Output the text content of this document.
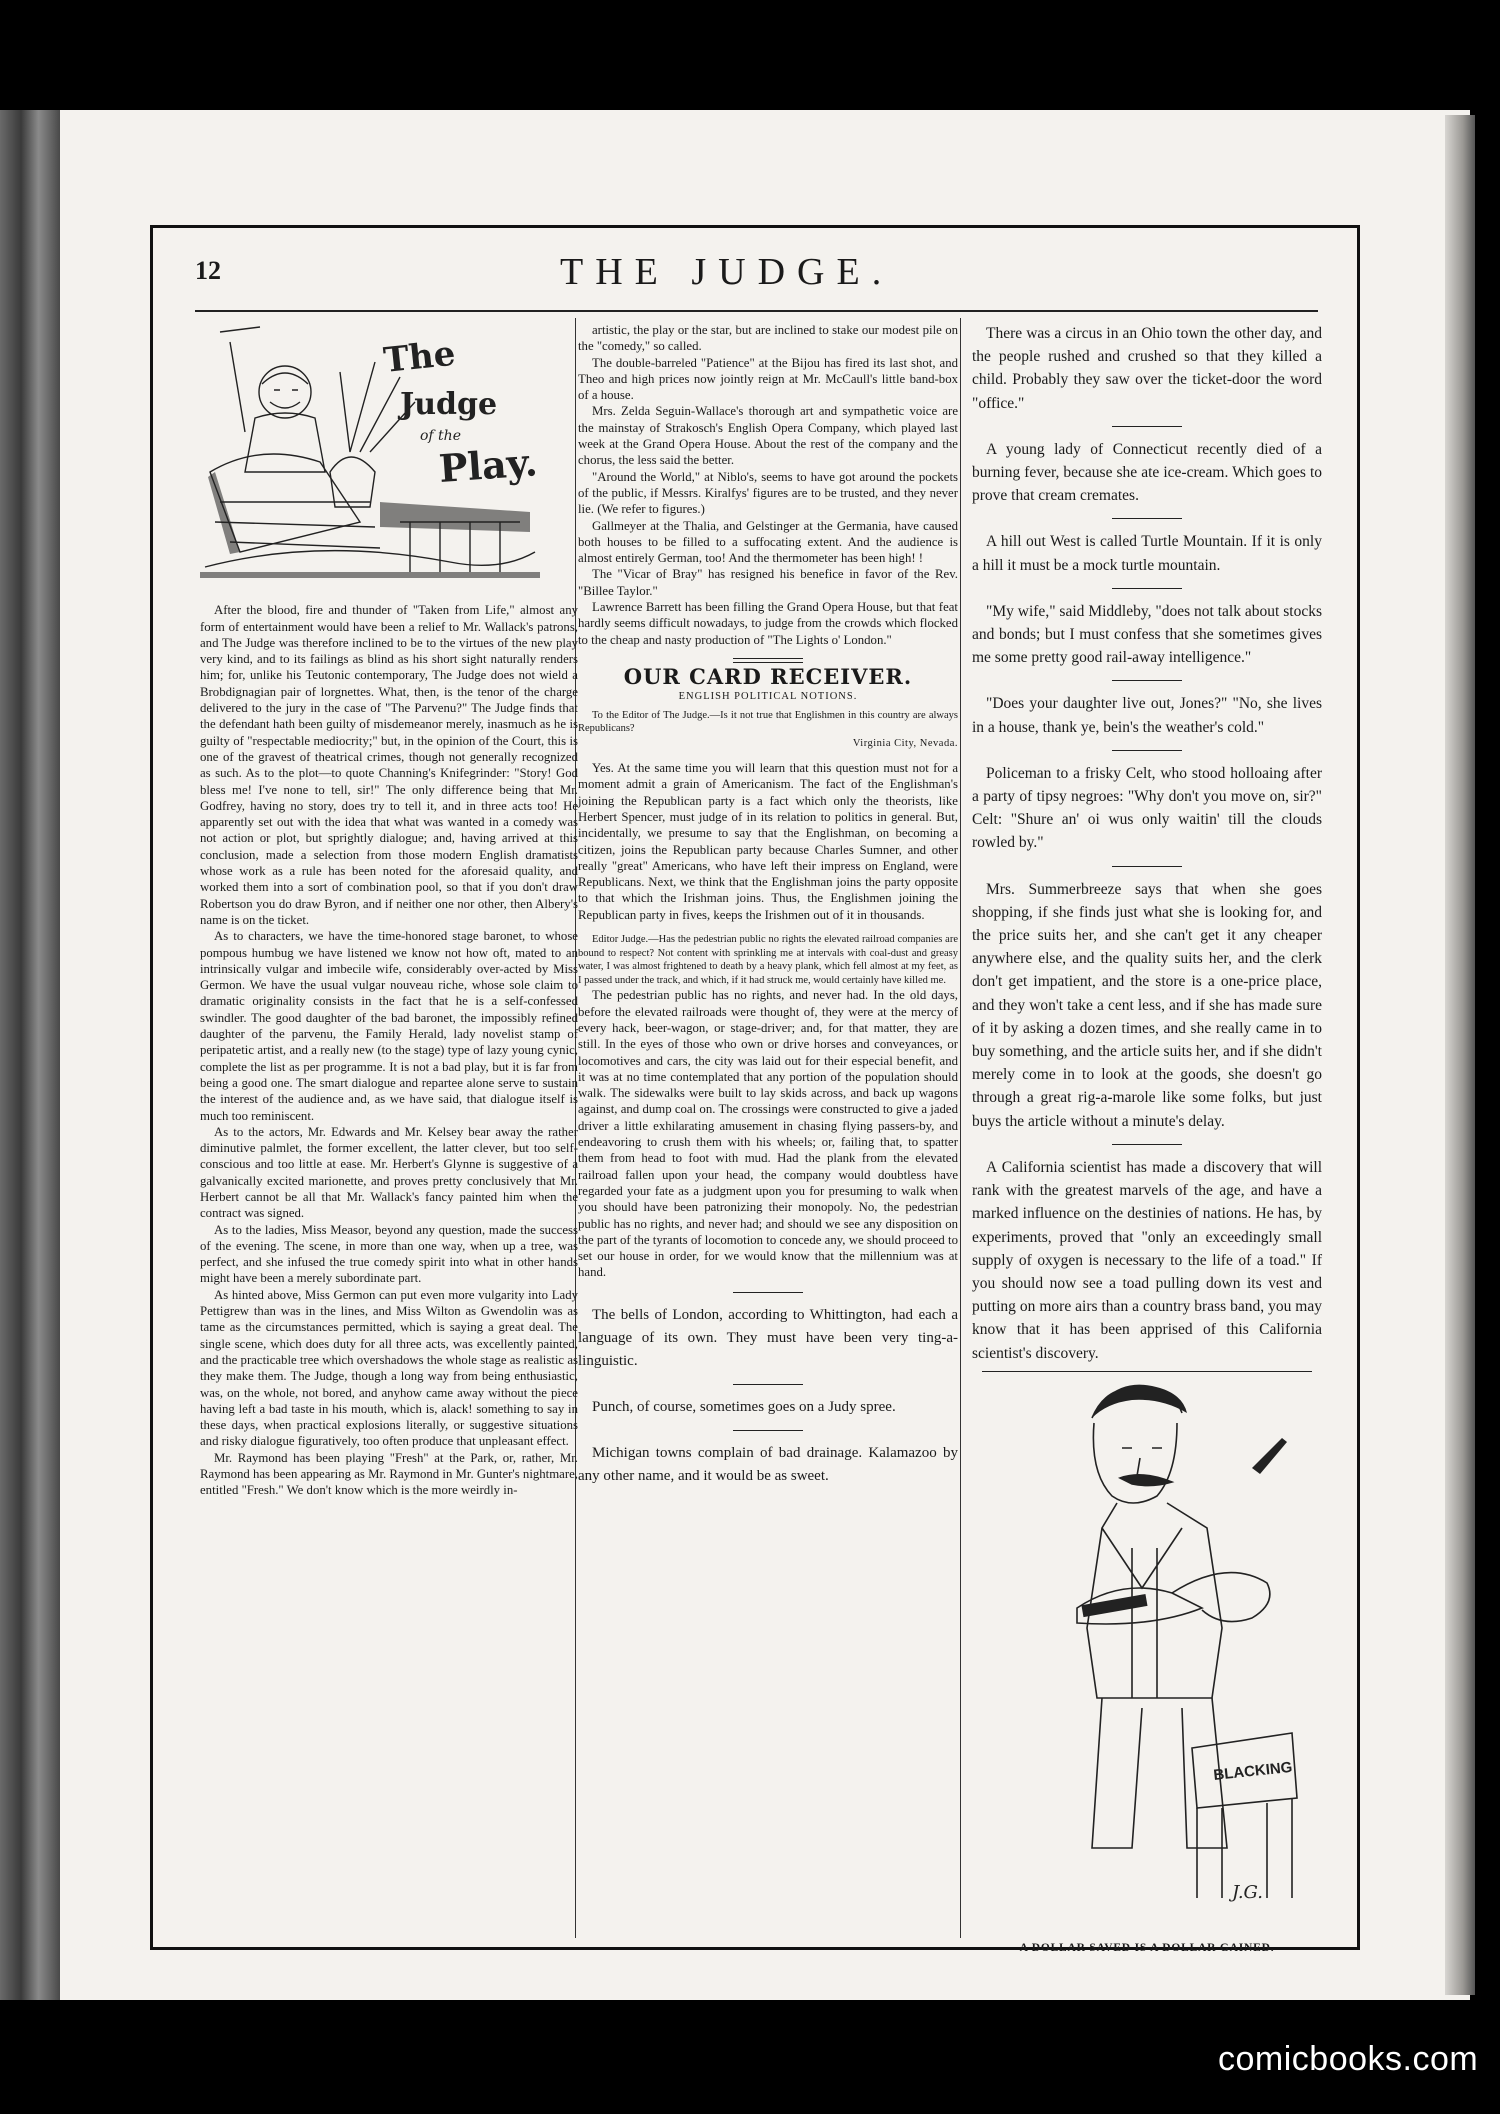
12	THE JUDGE.
The
Judge
of the
Play.

After the blood, fire and thunder of "Taken from Life," almost any form of entertainment would have been a relief to Mr. Wallack's patrons, and The Judge was therefore inclined to be to the virtues of the new play very kind, and to its failings as blind as his short sight naturally renders him; for, unlike his Teutonic contemporary, The Judge does not wield a Brobdignagian pair of lorgnettes. What, then, is the tenor of the charge delivered to the jury in the case of "The Parvenu?" The Judge finds that the defendant hath been guilty of misdemeanor merely, inasmuch as he is guilty of "respectable mediocrity;" but, in the opinion of the Court, this is one of the gravest of theatrical crimes, though not generally recognized as such. As to the plot—to quote Channing's Knifegrinder: "Story! God bless me! I've none to tell, sir!" The only difference being that Mr. Godfrey, having no story, does try to tell it, and in three acts too! He apparently set out with the idea that what was wanted in a comedy was not action or plot, but sprightly dialogue; and, having arrived at this conclusion, made a selection from those modern English dramatists whose work as a rule has been noted for the aforesaid quality, and worked them into a sort of combination pool, so that if you don't draw Robertson you do draw Byron, and if neither one nor other, then Albery's name is on the ticket.

As to characters, we have the time-honored stage baronet, to whose pompous humbug we have listened we know not how oft, mated to an intrinsically vulgar and imbecile wife, considerably over-acted by Miss Germon. We have the usual vulgar nouveau riche, whose sole claim to dramatic originality consists in the fact that he is a self-confessed swindler. The good daughter of the bad baronet, the impossibly refined daughter of the parvenu, the Family Herald, lady novelist stamp of peripatetic artist, and a really new (to the stage) type of lazy young cynic, complete the list as per programme. It is not a bad play, but it is far from being a good one. The smart dialogue and repartee alone serve to sustain the interest of the audience and, as we have said, that dialogue itself is much too reminiscent.

As to the actors, Mr. Edwards and Mr. Kelsey bear away the rather diminutive palmlet, the former excellent, the latter clever, but too self-conscious and too little at ease. Mr. Herbert's Glynne is suggestive of a galvanically excited marionette, and proves pretty conclusively that Mr. Herbert cannot be all that Mr. Wallack's fancy painted him when the contract was signed.

As to the ladies, Miss Measor, beyond any question, made the success of the evening. The scene, in more than one way, when up a tree, was perfect, and she infused the true comedy spirit into what in other hands might have been a merely subordinate part.

As hinted above, Miss Germon can put even more vulgarity into Lady Pettigrew than was in the lines, and Miss Wilton as Gwendolin was as tame as the circumstances permitted, which is saying a great deal. The single scene, which does duty for all three acts, was excellently painted, and the practicable tree which overshadows the whole stage as realistic as they make them. The Judge, though a long way from being enthusiastic, was, on the whole, not bored, and anyhow came away without the piece having left a bad taste in his mouth, which is, alack! something to say in these days, when practical explosions literally, or suggestive situations and risky dialogue figuratively, too often produce that unpleasant effect.

Mr. Raymond has been playing "Fresh" at the Park, or, rather, Mr. Raymond has been appearing as Mr. Raymond in Mr. Gunter's nightmare, entitled "Fresh." We don't know which is the more weirdly in-

artistic, the play or the star, but are inclined to stake our modest pile on the "comedy," so called.

The double-barreled "Patience" at the Bijou has fired its last shot, and Theo and high prices now jointly reign at Mr. McCaull's little band-box of a house.

Mrs. Zelda Seguin-Wallace's thorough art and sympathetic voice are the mainstay of Strakosch's English Opera Company, which played last week at the Grand Opera House. About the rest of the company and the chorus, the less said the better.

"Around the World," at Niblo's, seems to have got around the pockets of the public, if Messrs. Kiralfys' figures are to be trusted, and they never lie. (We refer to figures.)

Gallmeyer at the Thalia, and Gelstinger at the Germania, have caused both houses to be filled to a suffocating extent. And the audience is almost entirely German, too! And the thermometer has been high! !

The "Vicar of Bray" has resigned his benefice in favor of the Rev. "Billee Taylor."

Lawrence Barrett has been filling the Grand Opera House, but that feat hardly seems difficult nowadays, to judge from the crowds which flocked to the cheap and nasty production of "The Lights o' London."

OUR CARD RECEIVER.
ENGLISH POLITICAL NOTIONS.

To the Editor of The Judge.—Is it not true that Englishmen in this country are always Republicans?

Virginia City, Nevada.

Yes. At the same time you will learn that this question must not for a moment admit a grain of Americanism. The fact of the Englishman's joining the Republican party is a fact which only the theorists, like Herbert Spencer, must judge of in its relation to politics in general. But, incidentally, we presume to say that the Englishman, on becoming a citizen, joins the Republican party because Charles Sumner, and other really "great" Americans, who have left their impress on England, were Republicans. Next, we think that the Englishman joins the party opposite to that which the Irishman joins. Thus, the Englishmen joining the Republican party in fives, keeps the Irishmen out of it in thousands.

Editor Judge.—Has the pedestrian public no rights the elevated railroad companies are bound to respect? Not content with sprinkling me at intervals with coal-dust and greasy water, I was almost frightened to death by a heavy plank, which fell almost at my feet, as I passed under the track, and which, if it had struck me, would certainly have killed me.

The pedestrian public has no rights, and never had. In the old days, before the elevated railroads were thought of, they were at the mercy of every hack, beer-wagon, or stage-driver; and, for that matter, they are still. In the eyes of those who own or drive horses and conveyances, or locomotives and cars, the city was laid out for their especial benefit, and it was at no time contemplated that any portion of the population should walk. The sidewalks were built to lay skids across, and back up wagons against, and dump coal on. The crossings were constructed to give a jaded driver a little exhilarating amusement in chasing flying passers-by, and endeavoring to crush them with his wheels; or, failing that, to spatter them from head to foot with mud. Had the plank from the elevated railroad fallen upon your head, the company would doubtless have regarded your fate as a judgment upon you for presuming to walk when you should have been patronizing their monopoly. No, the pedestrian public has no rights, and never had; and should we see any disposition on the part of the tyrants of locomotion to concede any, we should proceed to set our house in order, for we would know that the millennium was at hand.

The bells of London, according to Whittington, had each a language of its own. They must have been very ting-a-linguistic.

Punch, of course, sometimes goes on a Judy spree.

Michigan towns complain of bad drainage. Kalamazoo by any other name, and it would be as sweet.

There was a circus in an Ohio town the other day, and the people rushed and crushed so that they killed a child. Probably they saw over the ticket-door the word "office."

A young lady of Connecticut recently died of a burning fever, because she ate ice-cream. Which goes to prove that cream cremates.

A hill out West is called Turtle Mountain. If it is only a hill it must be a mock turtle mountain.

"My wife," said Middleby, "does not talk about stocks and bonds; but I must confess that she sometimes gives me some pretty good rail-away intelligence."

"Does your daughter live out, Jones?" "No, she lives in a house, thank ye, bein's the weather's cold."

Policeman to a frisky Celt, who stood holloaing after a party of tipsy negroes: "Why don't you move on, sir?" Celt: "Shure an' oi wus only waitin' till the clouds rowled by."

Mrs. Summerbreeze says that when she goes shopping, if she finds just what she is looking for, and the price suits her, and she can't get it any cheaper anywhere else, and the quality suits her, and the clerk don't get impatient, and the store is a one-price place, and they won't take a cent less, and if she has made sure of it by asking a dozen times, and she really came in to buy something, and the article suits her, and if she didn't merely come in to look at the goods, she doesn't go through a great rig-a-marole like some folks, but just buys the article without a minute's delay.

A California scientist has made a discovery that will rank with the greatest marvels of the age, and have a marked influence on the destinies of nations. He has, by experiments, proved that "only an exceedingly small supply of oxygen is necessary to the life of a toad." If you should now see a toad pulling down its vest and putting on more airs than a country brass band, you may know that it has been apprised of this California scientist's discovery.

BLACKING
J.G.
A DOLLAR SAVED IS A DOLLAR GAINED.
comicbooks.com
